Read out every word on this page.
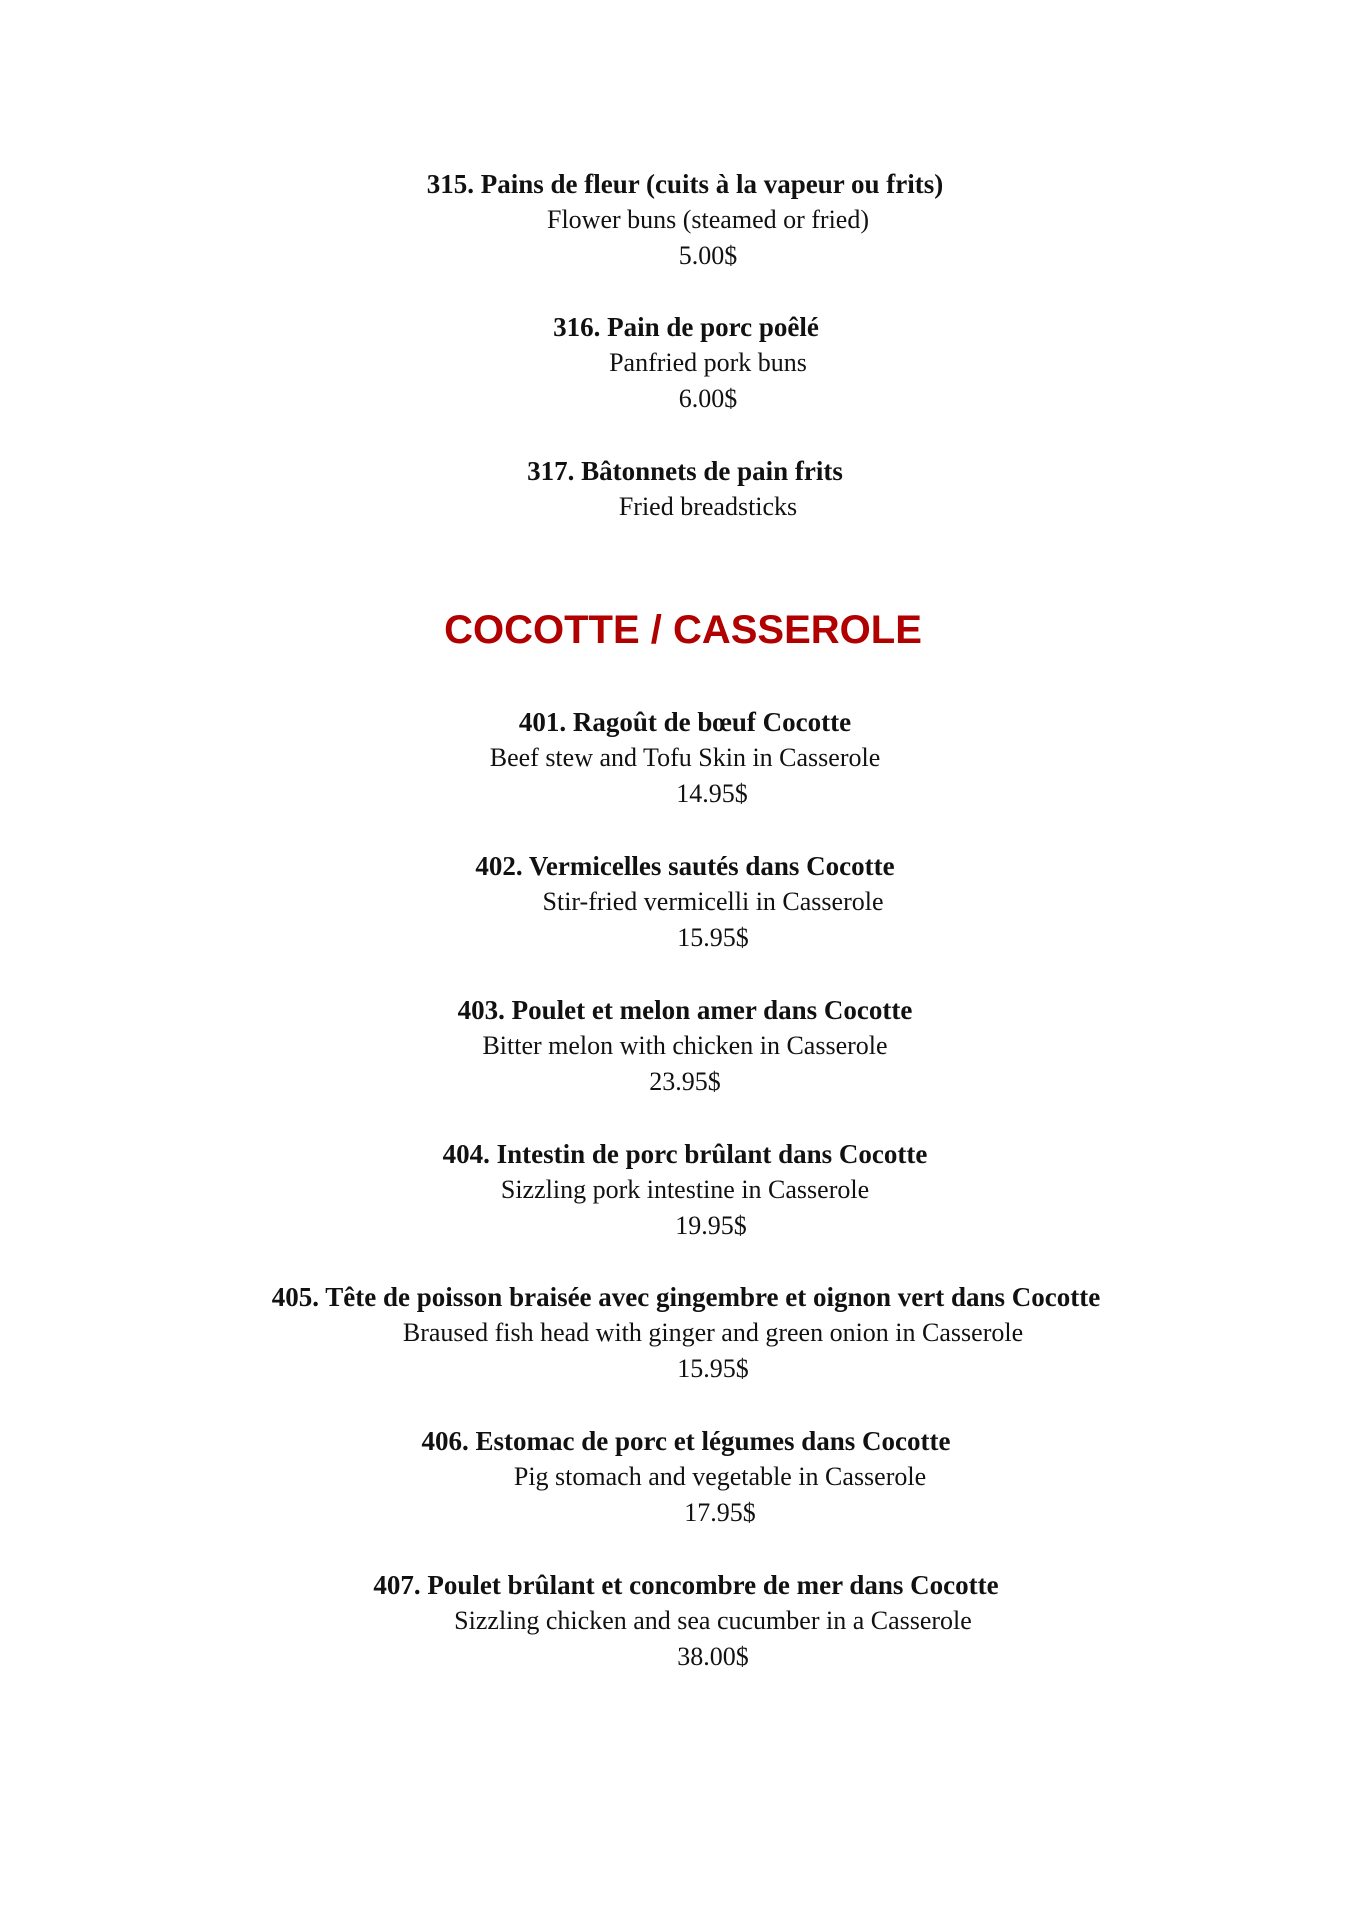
315. Pains de fleur (cuits à la vapeur ou frits)
Flower buns (steamed or fried)
5.00$
316. Pain de porc poêlé
Panfried pork buns
6.00$
317. Bâtonnets de pain frits
Fried breadsticks
COCOTTE / CASSEROLE
401. Ragoût de bœuf Cocotte
Beef stew and Tofu Skin in Casserole
14.95$
402. Vermicelles sautés dans Cocotte
Stir-fried vermicelli in Casserole
15.95$
403. Poulet et melon amer dans Cocotte
Bitter melon with chicken in Casserole
23.95$
404. Intestin de porc brûlant dans Cocotte
Sizzling pork intestine in Casserole
19.95$
405. Tête de poisson braisée avec gingembre et oignon vert dans Cocotte
Braused fish head with ginger and green onion in Casserole
15.95$
406. Estomac de porc et légumes dans Cocotte
Pig stomach and vegetable in Casserole
17.95$
407. Poulet brûlant et concombre de mer dans Cocotte
Sizzling chicken and sea cucumber in a Casserole
38.00$
